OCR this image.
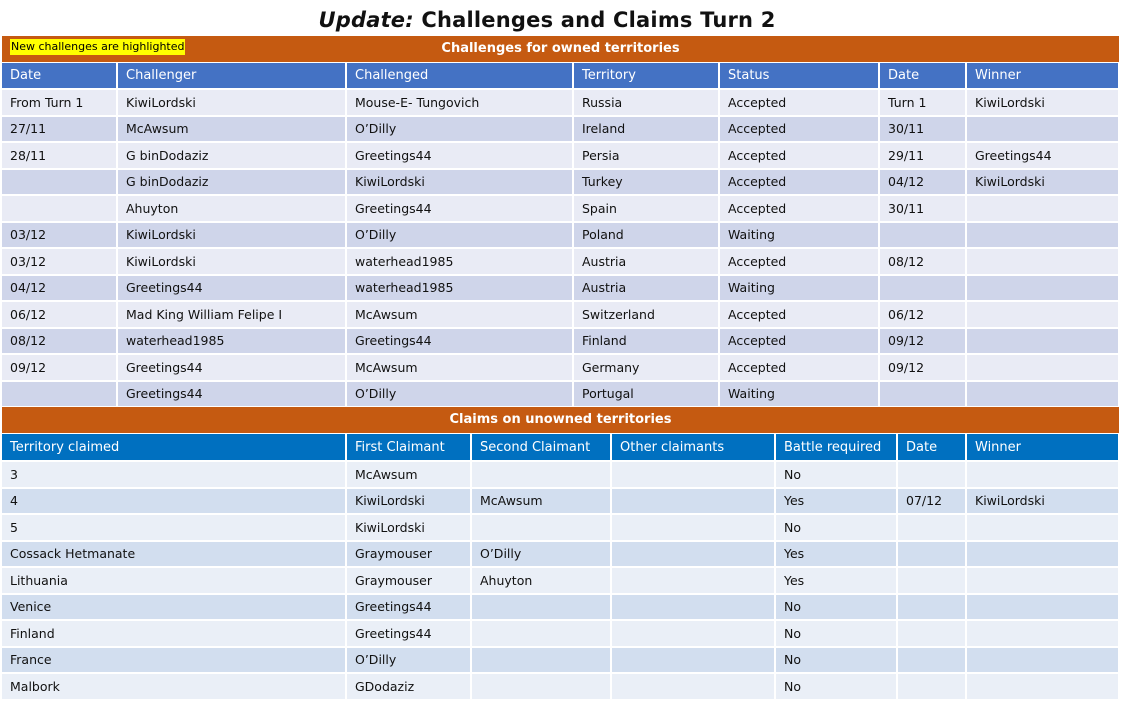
Update: Challenges and Claims Turn 2
Challenges for owned territories
New challenges are highlighted
Date	Challenger	Challenged	Territory	Status	Date	Winner
From Turn 1	KiwiLordski	Mouse-E- Tungovich	Russia	Accepted	Turn 1	KiwiLordski
27/11	McAwsum	O’Dilly	Ireland	Accepted	30/11	
28/11	G binDodaziz	Greetings44	Persia	Accepted	29/11	Greetings44
	G binDodaziz	KiwiLordski	Turkey	Accepted	04/12	KiwiLordski
	Ahuyton	Greetings44	Spain	Accepted	30/11	
03/12	KiwiLordski	O’Dilly	Poland	Waiting		
03/12	KiwiLordski	waterhead1985	Austria	Accepted	08/12	
04/12	Greetings44	waterhead1985	Austria	Waiting		
06/12	Mad King William Felipe I	McAwsum	Switzerland	Accepted	06/12	
08/12	waterhead1985	Greetings44	Finland	Accepted	09/12	
09/12	Greetings44	McAwsum	Germany	Accepted	09/12	
	Greetings44	O’Dilly	Portugal	Waiting		
Claims on unowned territories
Territory claimed	First Claimant	Second Claimant	Other claimants	Battle required	Date	Winner
3	McAwsum			No		
4	KiwiLordski	McAwsum		Yes	07/12	KiwiLordski
5	KiwiLordski			No		
Cossack Hetmanate	Graymouser	O’Dilly		Yes		
Lithuania	Graymouser	Ahuyton		Yes		
Venice	Greetings44			No		
Finland	Greetings44			No		
France	O’Dilly			No		
Malbork	GDodaziz			No		
